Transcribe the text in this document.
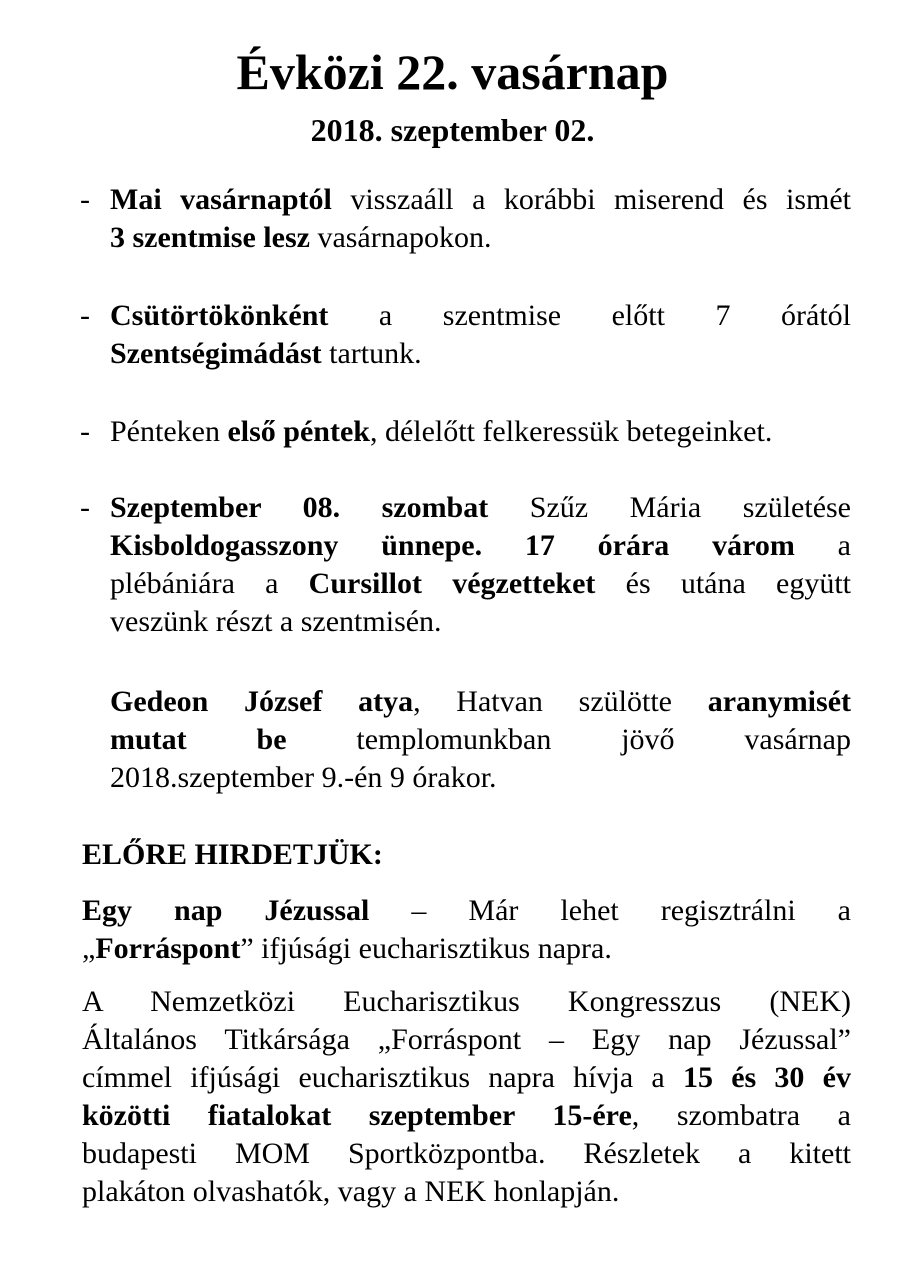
Évközi 22. vasárnap
2018. szeptember 02.
- Mai vasárnaptól visszaáll a korábbi miserend és ismét
3 szentmise lesz vasárnapokon.
- Csütörtökönként a szentmise előtt 7 órától
Szentségimádást tartunk.
- Pénteken első péntek, délelőtt felkeressük betegeinket.
- Szeptember 08. szombat Szűz Mária születése
Kisboldogasszony ünnepe. 17 órára várom a
plébániára a Cursillot végzetteket és utána együtt
veszünk részt a szentmisén.
Gedeon József atya, Hatvan szülötte aranymisét
mutat be templomunkban jövő vasárnap
2018.szeptember 9.-én 9 órakor.
ELŐRE HIRDETJÜK:
Egy nap Jézussal – Már lehet regisztrálni a
„Forráspont” ifjúsági eucharisztikus napra.
A Nemzetközi Eucharisztikus Kongresszus (NEK)
Általános Titkársága „Forráspont – Egy nap Jézussal”
címmel ifjúsági eucharisztikus napra hívja a 15 és 30 év
közötti fiatalokat szeptember 15-ére, szombatra a
budapesti MOM Sportközpontba. Részletek a kitett
plakáton olvashatók, vagy a NEK honlapján.
